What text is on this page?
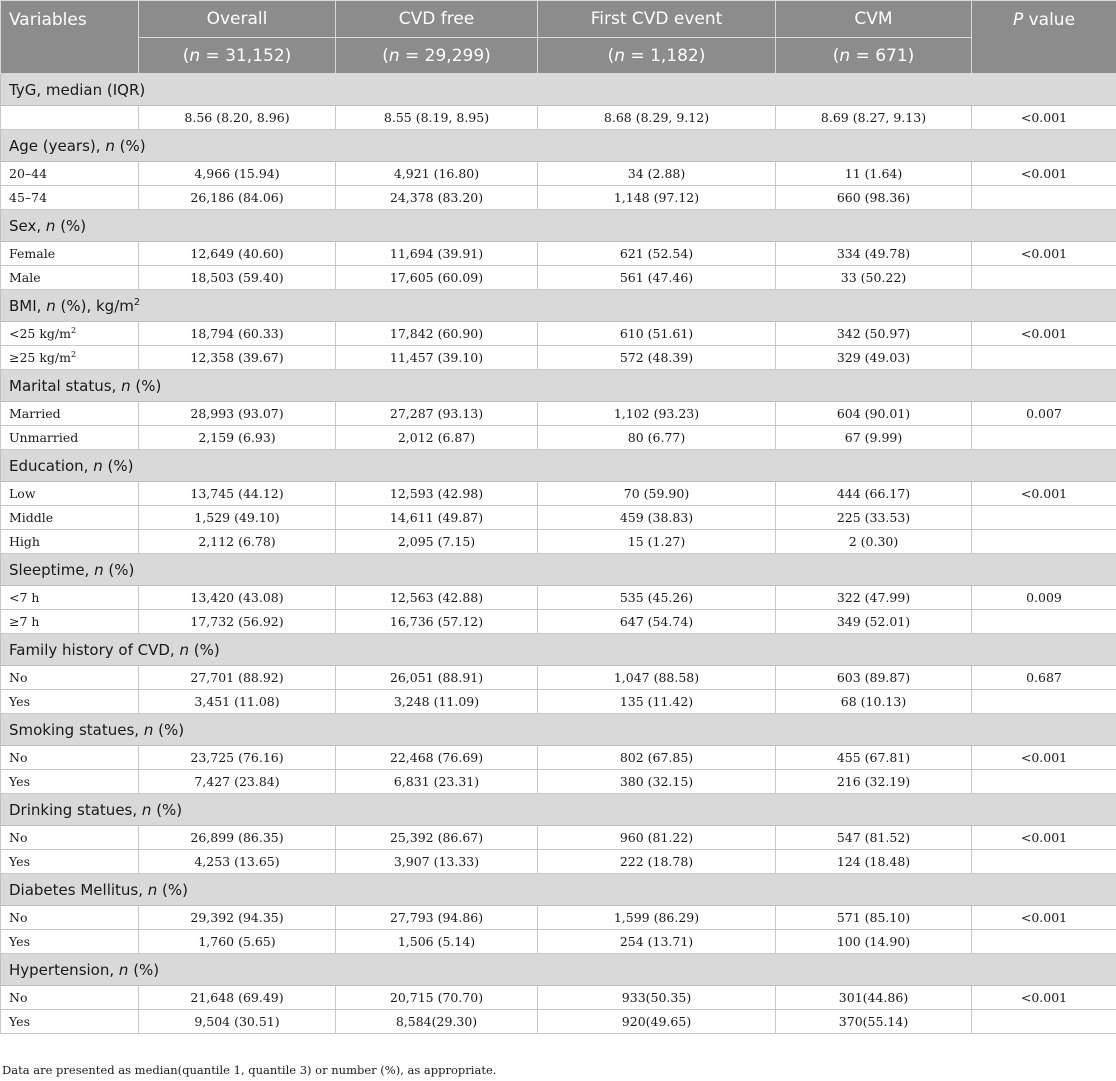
Variables	Overall	CVD free	First CVD event	CVM	P value
	(n = 31,152)	(n = 29,299)	(n = 1,182)	(n = 671)	
TyG, median (IQR)					
	8.56 (8.20, 8.96)	8.55 (8.19, 8.95)	8.68 (8.29, 9.12)	8.69 (8.27, 9.13)	<0.001
Age (years), n (%)					
20–44	4,966 (15.94)	4,921 (16.80)	34 (2.88)	11 (1.64)	<0.001
45–74	26,186 (84.06)	24,378 (83.20)	1,148 (97.12)	660 (98.36)	
Sex, n (%)					
Female	12,649 (40.60)	11,694 (39.91)	621 (52.54)	334 (49.78)	<0.001
Male	18,503 (59.40)	17,605 (60.09)	561 (47.46)	33 (50.22)	
BMI, n (%), $kg/m^2$
<25 $kg/m^2$	18,794 (60.33)	17,842 (60.90)	610 (51.61)	342 (50.97)	<0.001
≥25 $kg/m^2$	12,358 (39.67)	11,457 (39.10)	572 (48.39)	329 (49.03)	
Marital status, n (%)					
Married	28,993 (93.07)	27,287 (93.13)	1,102 (93.23)	604 (90.01)	0.007
Unmarried	2,159 (6.93)	2,012 (6.87)	80 (6.77)	67 (9.99)	
Education, n (%)					
Low	13,745 (44.12)	12,593 (42.98)	70 (59.90)	444 (66.17)	<0.001
Middle	1,529 (49.10)	14,611 (49.87)	459 (38.83)	225 (33.53)	
High	2,112 (6.78)	2,095 (7.15)	15 (1.27)	2 (0.30)	
Sleeptime, n (%)					
<7 h	13,420 (43.08)	12,563 (42.88)	535 (45.26)	322 (47.99)	0.009
≥7 h	17,732 (56.92)	16,736 (57.12)	647 (54.74)	349 (52.01)	
Family history of CVD, n (%)					
No	27,701 (88.92)	26,051 (88.91)	1,047 (88.58)	603 (89.87)	0.687
Yes	3,451 (11.08)	3,248 (11.09)	135 (11.42)	68 (10.13)	
Smoking statues, n (%)					
No	23,725 (76.16)	22,468 (76.69)	802 (67.85)	455 (67.81)	<0.001
Yes	7,427 (23.84)	6,831 (23.31)	380 (32.15)	216 (32.19)	
Drinking statues, n (%)					
No	26,899 (86.35)	25,392 (86.67)	960 (81.22)	547 (81.52)	<0.001
Yes	4,253 (13.65)	3,907 (13.33)	222 (18.78)	124 (18.48)	
Diabetes Mellitus, n (%)					
No	29,392 (94.35)	27,793 (94.86)	1,599 (86.29)	571 (85.10)	<0.001
Yes	1,760 (5.65)	1,506 (5.14)	254 (13.71)	100 (14.90)	
Hypertension, n (%)					
No	21,648 (69.49)	20,715 (70.70)	933(50.35)	301(44.86)	<0.001
Yes	9,504 (30.51)	8,584(29.30)	920(49.65)	370(55.14)	
Data are presented as median(quantile 1, quantile 3) or number (%), as appropriate.
